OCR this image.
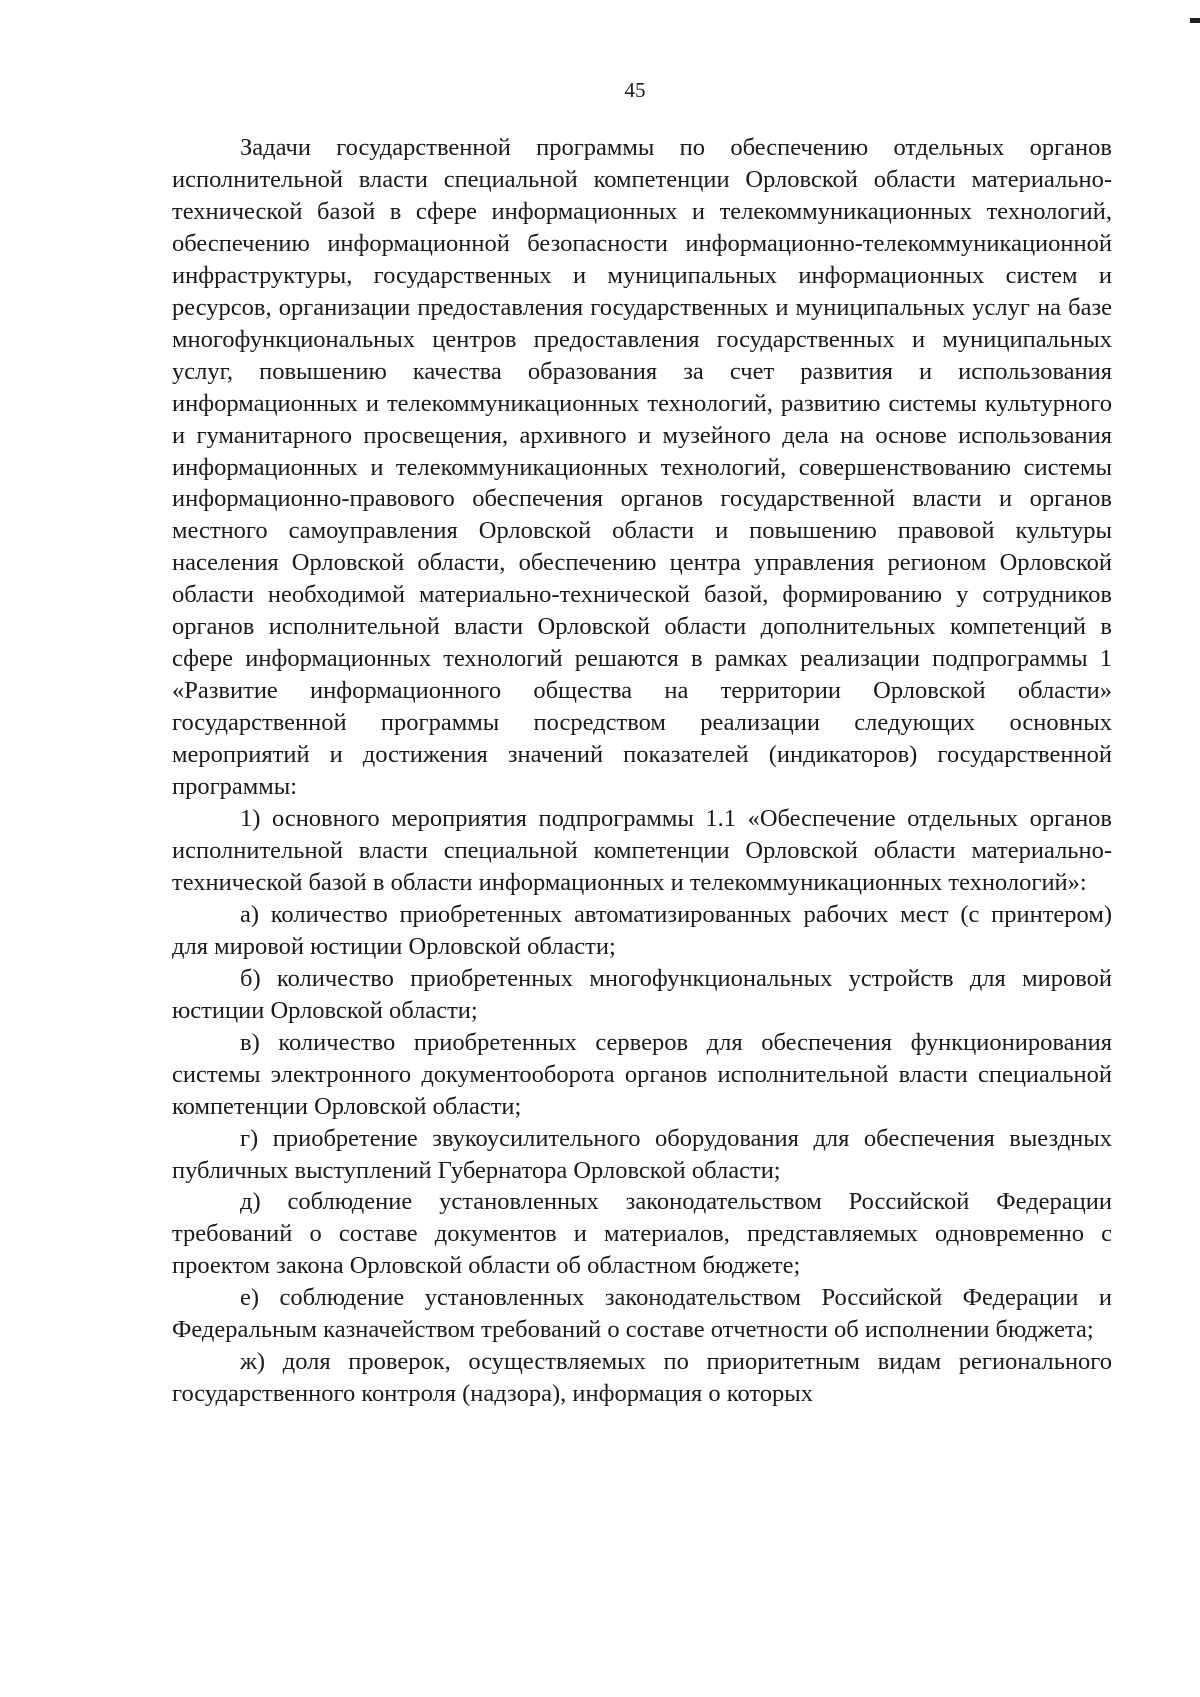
45

Задачи государственной программы по обеспечению отдельных органов исполнительной власти специальной компетенции Орловской области материально-технической базой в сфере информационных и телекоммуникационных технологий, обеспечению информационной безопасности информационно-телекоммуникационной инфраструктуры, государственных и муниципальных информационных систем и ресурсов, организации предоставления государственных и муниципальных услуг на базе многофункциональных центров предоставления государственных и муниципальных услуг, повышению качества образования за счет развития и использования информационных и телекоммуникационных технологий, развитию системы культурного и гуманитарного просвещения, архивного и музейного дела на основе использования информационных и телекоммуникационных технологий, совершенствованию системы информационно-правового обеспечения органов государственной власти и органов местного самоуправления Орловской области и повышению правовой культуры населения Орловской области, обеспечению центра управления регионом Орловской области необходимой материально-технической базой, формированию у сотрудников органов исполнительной власти Орловской области дополнительных компетенций в сфере информационных технологий решаются в рамках реализации подпрограммы 1 «Развитие информационного общества на территории Орловской области» государственной программы посредством реализации следующих основных мероприятий и достижения значений показателей (индикаторов) государственной программы:

1) основного мероприятия подпрограммы 1.1 «Обеспечение отдельных органов исполнительной власти специальной компетенции Орловской области материально-технической базой в области информационных и телекоммуникационных технологий»:

а) количество приобретенных автоматизированных рабочих мест (с принтером) для мировой юстиции Орловской области;

б) количество приобретенных многофункциональных устройств для мировой юстиции Орловской области;

в) количество приобретенных серверов для обеспечения функционирования системы электронного документооборота органов исполнительной власти специальной компетенции Орловской области;

г) приобретение звукоусилительного оборудования для обеспечения выездных публичных выступлений Губернатора Орловской области;

д) соблюдение установленных законодательством Российской Федерации требований о составе документов и материалов, представляемых одновременно с проектом закона Орловской области об областном бюджете;

е) соблюдение установленных законодательством Российской Федерации и Федеральным казначейством требований о составе отчетности об исполнении бюджета;

ж) доля проверок, осуществляемых по приоритетным видам регионального государственного контроля (надзора), информация о которых
